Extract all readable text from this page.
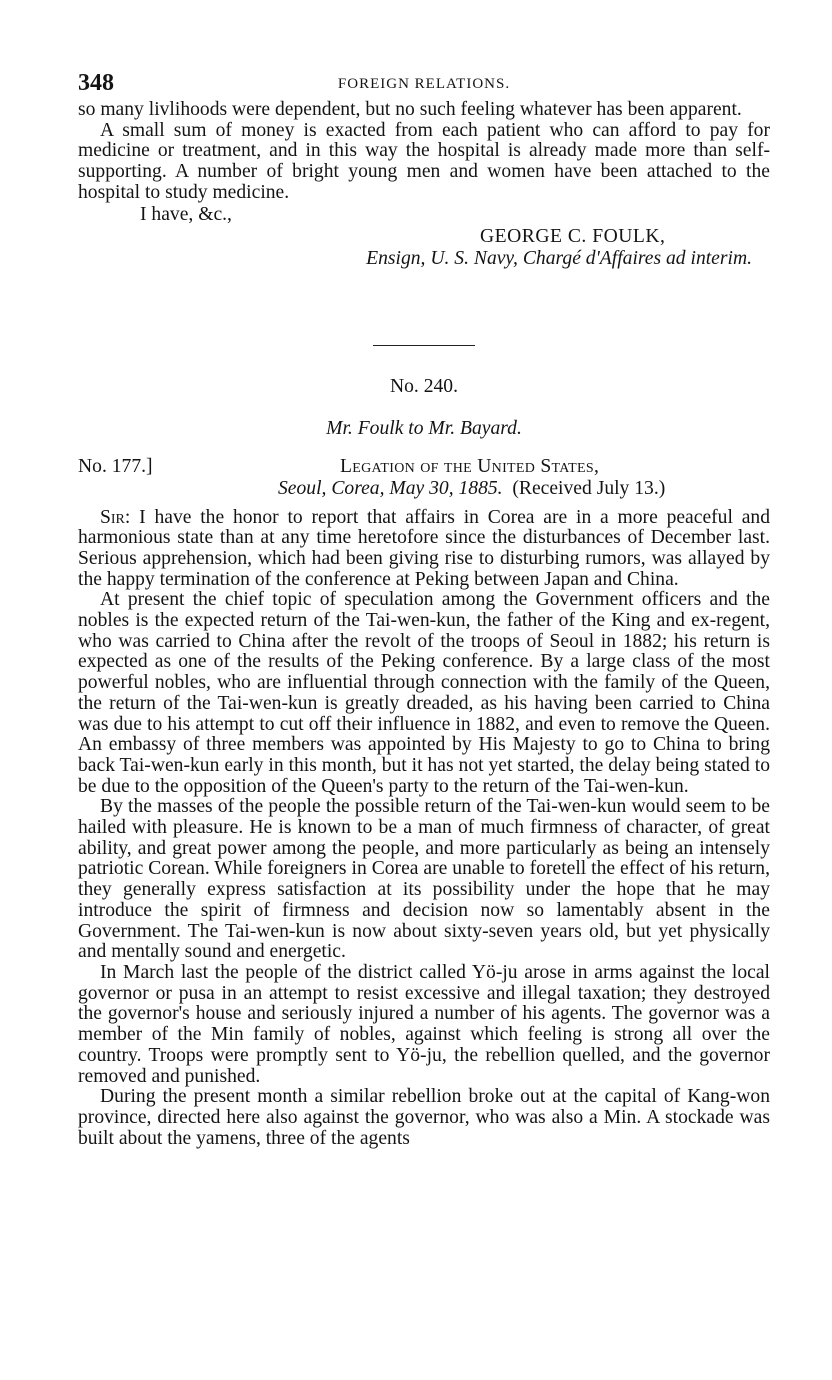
348	FOREIGN RELATIONS.

so many livlihoods were dependent, but no such feeling whatever has been apparent.

A small sum of money is exacted from each patient who can afford to pay for medicine or treatment, and in this way the hospital is already made more than self-supporting. A number of bright young men and women have been attached to the hospital to study medicine.

I have, &c.,
GEORGE C. FOULK,
Ensign, U. S. Navy, Chargé d'Affaires ad interim.
No. 240.
Mr. Foulk to Mr. Bayard.
No. 177.]	Legation of the United States,
Seoul, Corea, May 30, 1885. (Received July 13.)

Sir: I have the honor to report that affairs in Corea are in a more peaceful and harmonious state than at any time heretofore since the disturbances of December last. Serious apprehension, which had been giving rise to disturbing rumors, was allayed by the happy termination of the conference at Peking between Japan and China.

At present the chief topic of speculation among the Government officers and the nobles is the expected return of the Tai-wen-kun, the father of the King and ex-regent, who was carried to China after the revolt of the troops of Seoul in 1882; his return is expected as one of the results of the Peking conference. By a large class of the most powerful nobles, who are influential through connection with the family of the Queen, the return of the Tai-wen-kun is greatly dreaded, as his having been carried to China was due to his attempt to cut off their influence in 1882, and even to remove the Queen. An embassy of three members was appointed by His Majesty to go to China to bring back Tai-wen-kun early in this month, but it has not yet started, the delay being stated to be due to the opposition of the Queen's party to the return of the Tai-wen-kun.

By the masses of the people the possible return of the Tai-wen-kun would seem to be hailed with pleasure. He is known to be a man of much firmness of character, of great ability, and great power among the people, and more particularly as being an intensely patriotic Corean. While foreigners in Corea are unable to foretell the effect of his return, they generally express satisfaction at its possibility under the hope that he may introduce the spirit of firmness and decision now so lamentably absent in the Government. The Tai-wen-kun is now about sixty-seven years old, but yet physically and mentally sound and energetic.

In March last the people of the district called Yö-ju arose in arms against the local governor or pusa in an attempt to resist excessive and illegal taxation; they destroyed the governor's house and seriously injured a number of his agents. The governor was a member of the Min family of nobles, against which feeling is strong all over the country. Troops were promptly sent to Yö-ju, the rebellion quelled, and the governor removed and punished.

During the present month a similar rebellion broke out at the capital of Kang-won province, directed here also against the governor, who was also a Min. A stockade was built about the yamens, three of the agents
